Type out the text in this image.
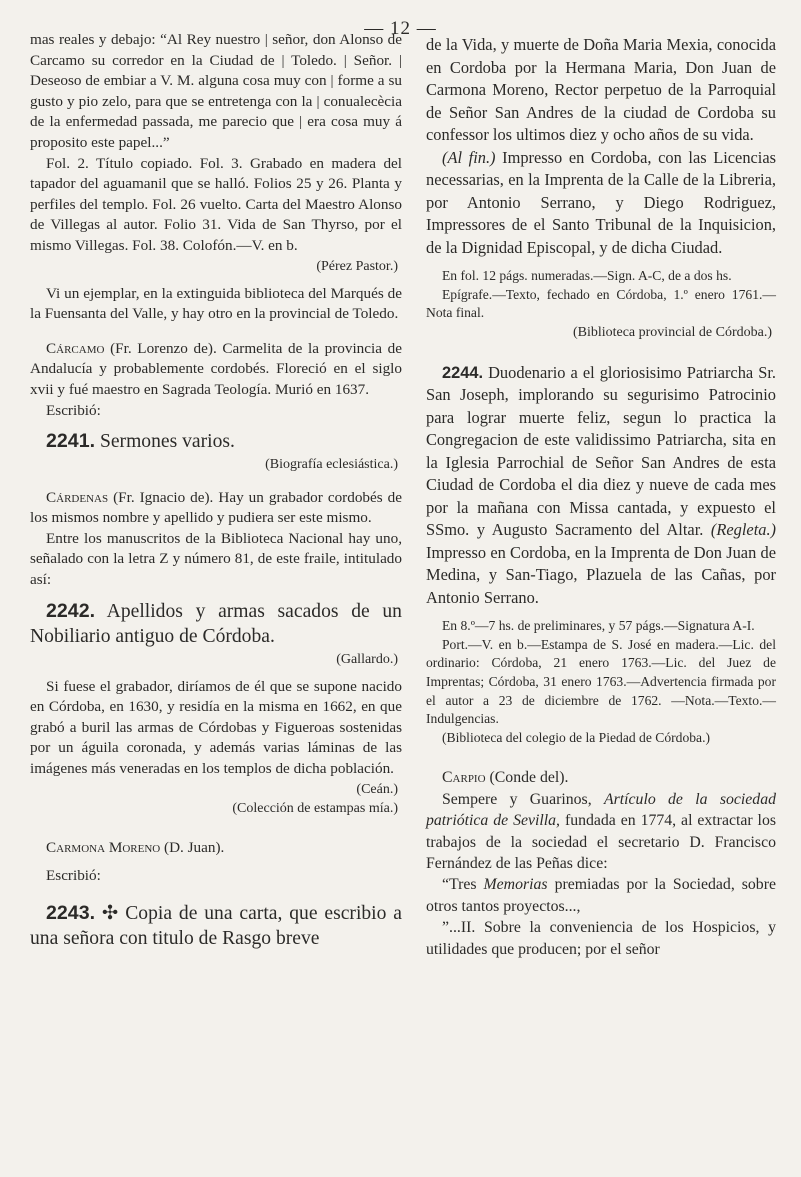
— 12 —

mas reales y debajo: “Al Rey nuestro | señor, don Alonso de Carcamo su corredor en la Ciudad de | Toledo. | Señor. | Deseoso de embiar a V. M. alguna cosa muy con | forme a su gusto y pio zelo, para que se entretenga con la | conualecècia de la enfermedad passada, me parecio que | era cosa muy á proposito este papel...”

Fol. 2. Título copiado. Fol. 3. Grabado en madera del tapador del aguamanil que se halló. Folios 25 y 26. Planta y perfiles del templo. Fol. 26 vuelto. Carta del Maestro Alonso de Villegas al autor. Folio 31. Vida de San Thyrso, por el mismo Villegas. Fol. 38. Colofón.—V. en b.

(Pérez Pastor.)

Vi un ejemplar, en la extinguida biblioteca del Marqués de la Fuensanta del Valle, y hay otro en la provincial de Toledo.

Cárcamo (Fr. Lorenzo de). Carmelita de la provincia de Andalucía y probablemente cordobés. Floreció en el siglo xvii y fué maestro en Sagrada Teología. Murió en 1637.

Escribió:

2241. Sermones varios.

(Biografía eclesiástica.)

Cárdenas (Fr. Ignacio de). Hay un grabador cordobés de los mismos nombre y apellido y pudiera ser este mismo.

Entre los manuscritos de la Biblioteca Nacional hay uno, señalado con la letra Z y número 81, de este fraile, intitulado así:

2242. Apellidos y armas sacados de un Nobiliario antiguo de Córdoba.

(Gallardo.)

Si fuese el grabador, diríamos de él que se supone nacido en Córdoba, en 1630, y residía en la misma en 1662, en que grabó a buril las armas de Córdobas y Figueroas sostenidas por un águila coronada, y además varias láminas de las imágenes más veneradas en los templos de dicha población.

(Ceán.)

(Colección de estampas mía.)

Carmona Moreno (D. Juan).

Escribió:

2243. ✣ Copia de una carta, que escribio a una señora con titulo de Rasgo breve

de la Vida, y muerte de Doña Maria Mexia, conocida en Cordoba por la Hermana Maria, Don Juan de Carmona Moreno, Rector perpetuo de la Parroquial de Señor San Andres de la ciudad de Cordoba su confessor los ultimos diez y ocho años de su vida.

(Al fin.) Impresso en Cordoba, con las Licencias necessarias, en la Imprenta de la Calle de la Libreria, por Antonio Serrano, y Diego Rodriguez, Impressores de el Santo Tribunal de la Inquisicion, de la Dignidad Episcopal, y de dicha Ciudad.

En fol. 12 págs. numeradas.—Sign. A-C, de a dos hs.

Epígrafe.—Texto, fechado en Córdoba, 1.º enero 1761.—Nota final.

(Biblioteca provincial de Córdoba.)

2244. Duodenario a el gloriosisimo Patriarcha Sr. San Joseph, implorando su segurisimo Patrocinio para lograr muerte feliz, segun lo practica la Congregacion de este validissimo Patriarcha, sita en la Iglesia Parrochial de Señor San Andres de esta Ciudad de Cordoba el dia diez y nueve de cada mes por la mañana con Missa cantada, y expuesto el SSmo. y Augusto Sacramento del Altar. (Regleta.) Impresso en Cordoba, en la Imprenta de Don Juan de Medina, y San-Tiago, Plazuela de las Cañas, por Antonio Serrano.

En 8.º—7 hs. de preliminares, y 57 págs.—Signatura A-I.

Port.—V. en b.—Estampa de S. José en madera.—Lic. del ordinario: Córdoba, 21 enero 1763.—Lic. del Juez de Imprentas; Córdoba, 31 enero 1763.—Advertencia firmada por el autor a 23 de diciembre de 1762. —Nota.—Texto.—Indulgencias.

(Biblioteca del colegio de la Piedad de Córdoba.)

Carpio (Conde del).

Sempere y Guarinos, Artículo de la sociedad patriótica de Sevilla, fundada en 1774, al extractar los trabajos de la sociedad el secretario D. Francisco Fernández de las Peñas dice:

“Tres Memorias premiadas por la Sociedad, sobre otros tantos proyectos...,

”...II. Sobre la conveniencia de los Hospicios, y utilidades que producen; por el señor
